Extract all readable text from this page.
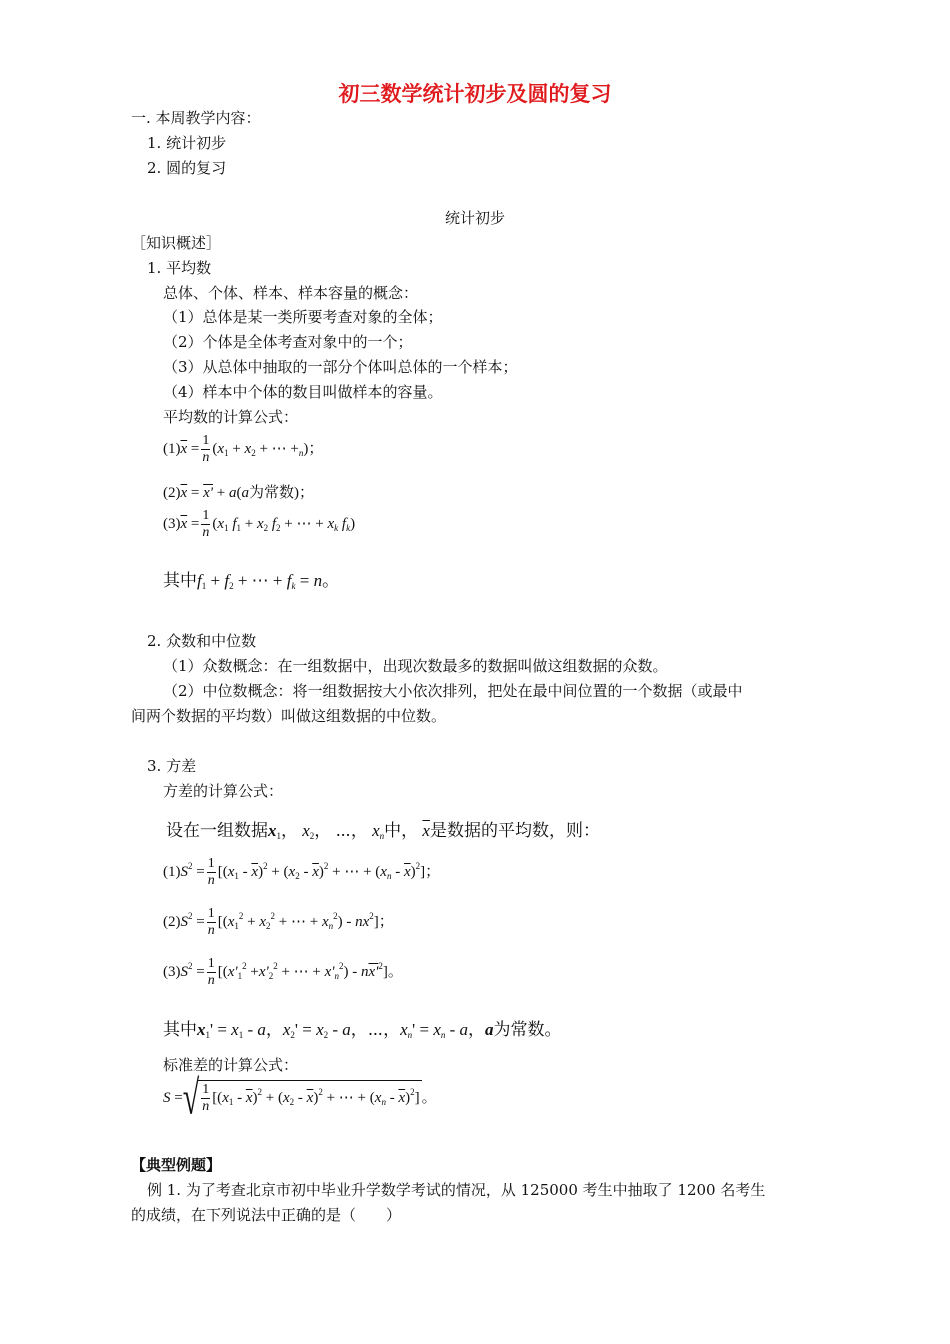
初三数学统计初步及圆的复习
一. 本周教学内容：
1. 统计初步
2. 圆的复习
统计初步
［知识概述］
1. 平均数
总体、个体、样本、样本容量的概念：
（1）总体是某一类所要考查对象的全体；
（2）个体是全体考查对象中的一个；
（3）从总体中抽取的一部分个体叫总体的一个样本；
（4）样本中个体的数目叫做样本的容量。
平均数的计算公式：
$(1)\overline{x} = \frac{1}{n} (x_1 + x_2$ + ⋯ $+_n$)；
$(2)\overline{x} = x' + a(a$为常数)；
$(3)\overline{x} = \frac{1}{n} (x_1$ $f_1 + x_2$ $f_2$ + ⋯ + $x_k$ $f_k$)
其中$f_1 + f_2$ + ⋯ + $f_k = n$。
2. 众数和中位数
（1）众数概念：在一组数据中，出现次数最多的数据叫做这组数据的众数。
（2）中位数概念：将一组数据按大小依次排列，把处在最中间位置的一个数据（或最中
间两个数据的平均数）叫做这组数据的中位数。
3. 方差
方差的计算公式：
设在一组数据$x_1$， $x_2$， ⋯， $x_n$中， $\overline{x}$是数据的平均数，则：
$(1)S^2 = \frac{1}{n} [(x_1 - \overline{x})^2 + (x_2 - \overline{x})^2$ + ⋯ + $(x_n - \overline{x})^2$]；
$(2)S^2 = \frac{1}{n} [(x_1^2 + x_2^2$ + ⋯ + $x_n^2) - nx^2$]；
$(3)S^2 = \frac{1}{n} [(x'_1^2 +x'_2^2$ + ⋯ + $x'_n^2) - nx'^2$]。
其中$x_1' = x_1 - a$，$x_2' = x_2 - a$，⋯，$x_n' = x_n - a$，a为常数。
标准差的计算公式：
S =√ $\frac{1}{n} [(x_1 - \overline{x})^2 + (x_2 - \overline{x})^2$ + ⋯ + $(x_n - \overline{x})^2$] 。
【典型例题】
例 1. 为了考查北京市初中毕业升学数学考试的情况，从 125000 考生中抽取了 1200 名考生
的成绩，在下列说法中正确的是（　　）
